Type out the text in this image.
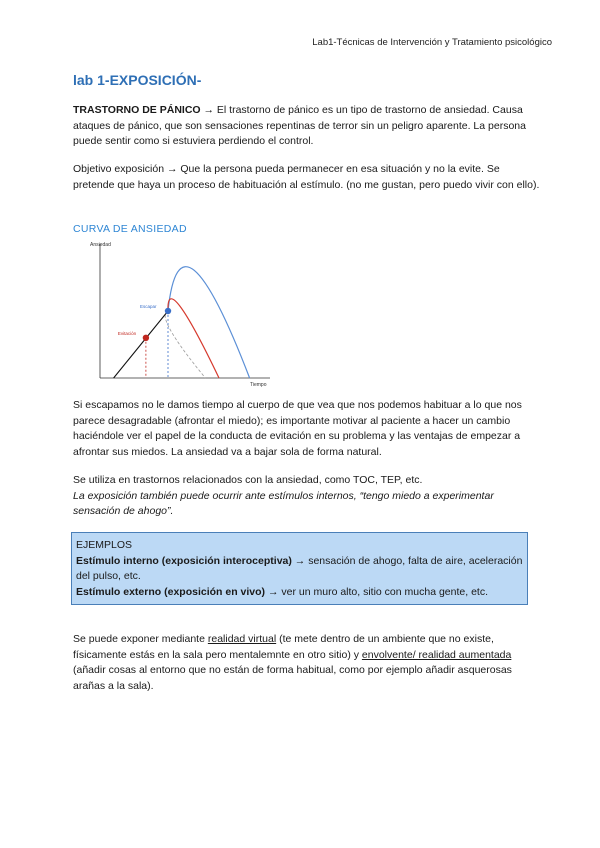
Lab1-Técnicas de Intervención y Tratamiento psicológico
lab 1-EXPOSICIÓN-
TRASTORNO DE PÁNICO → El trastorno de pánico es un tipo de trastorno de ansiedad. Causa ataques de pánico, que son sensaciones repentinas de terror sin un peligro aparente. La persona puede sentir como si estuviera perdiendo el control.
Objetivo exposición → Que la persona pueda permanecer en esa situación y no la evite. Se pretende que haya un proceso de habituación al estímulo. (no me gustan, pero puedo vivir con ello).
CURVA DE ANSIEDAD
Ansiedad
Tiempo
Escapar
Evitación
Si escapamos no le damos tiempo al cuerpo de que vea que nos podemos habituar a lo que nos parece desagradable (afrontar el miedo); es importante motivar al paciente a hacer un cambio haciéndole ver el papel de la conducta de evitación en su problema y las ventajas de empezar a afrontar sus miedos. La ansiedad va a bajar sola de forma natural.
Se utiliza en trastornos relacionados con la ansiedad, como TOC, TEP, etc.
La exposición también puede ocurrir ante estímulos internos, “tengo miedo a experimentar sensación de ahogo”.
EJEMPLOS
Estímulo interno (exposición interoceptiva) → sensación de ahogo, falta de aire, aceleración del pulso, etc.
Estímulo externo (exposición en vivo) → ver un muro alto, sitio con mucha gente, etc.
Se puede exponer mediante realidad virtual (te mete dentro de un ambiente que no existe, físicamente estás en la sala pero mentalemnte en otro sitio) y envolvente/ realidad aumentada (añadir cosas al entorno que no están de forma habitual, como por ejemplo añadir asquerosas arañas a la sala).
